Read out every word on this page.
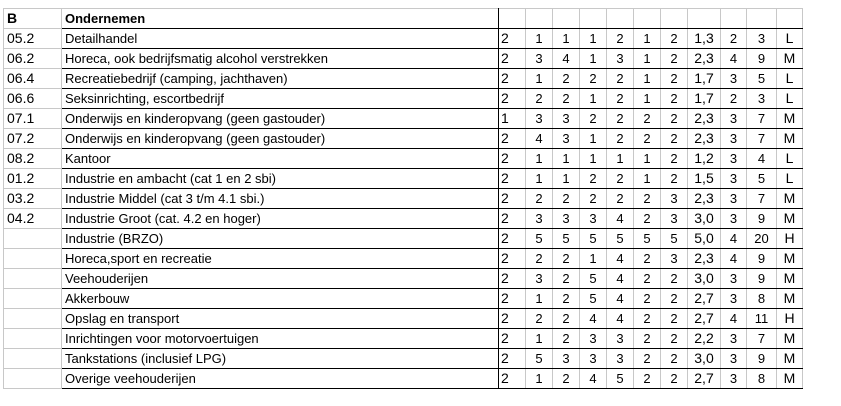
B	Ondernemen											
05.2	Detailhandel	2	1	1	1	2	1	2	1,3	2	3	L
06.2	Horeca, ook bedrijfsmatig alcohol verstrekken	2	3	4	1	3	1	2	2,3	4	9	M
06.4	Recreatiebedrijf (camping, jachthaven)	2	1	2	2	2	1	2	1,7	3	5	L
06.6	Seksinrichting, escortbedrijf	2	2	2	1	2	1	2	1,7	2	3	L
07.1	Onderwijs en kinderopvang (geen gastouder)	1	3	3	2	2	2	2	2,3	3	7	M
07.2	Onderwijs en kinderopvang (geen gastouder)	2	4	3	1	2	2	2	2,3	3	7	M
08.2	Kantoor	2	1	1	1	1	1	2	1,2	3	4	L
01.2	Industrie en ambacht (cat 1 en 2 sbi)	2	1	1	2	2	1	2	1,5	3	5	L
03.2	Industrie Middel (cat 3 t/m 4.1 sbi.)	2	2	2	2	2	2	3	2,3	3	7	M
04.2	Industrie Groot (cat. 4.2 en hoger)	2	3	3	3	4	2	3	3,0	3	9	M
	Industrie (BRZO)	2	5	5	5	5	5	5	5,0	4	20	H
	Horeca,sport en recreatie	2	2	2	1	4	2	3	2,3	4	9	M
	Veehouderijen	2	3	2	5	4	2	2	3,0	3	9	M
	Akkerbouw	2	1	2	5	4	2	2	2,7	3	8	M
	Opslag en transport	2	2	2	4	4	2	2	2,7	4	11	H
	Inrichtingen voor motorvoertuigen	2	1	2	3	3	2	2	2,2	3	7	M
	Tankstations (inclusief LPG)	2	5	3	3	3	2	2	3,0	3	9	M
	Overige veehouderijen	2	1	2	4	5	2	2	2,7	3	8	M
